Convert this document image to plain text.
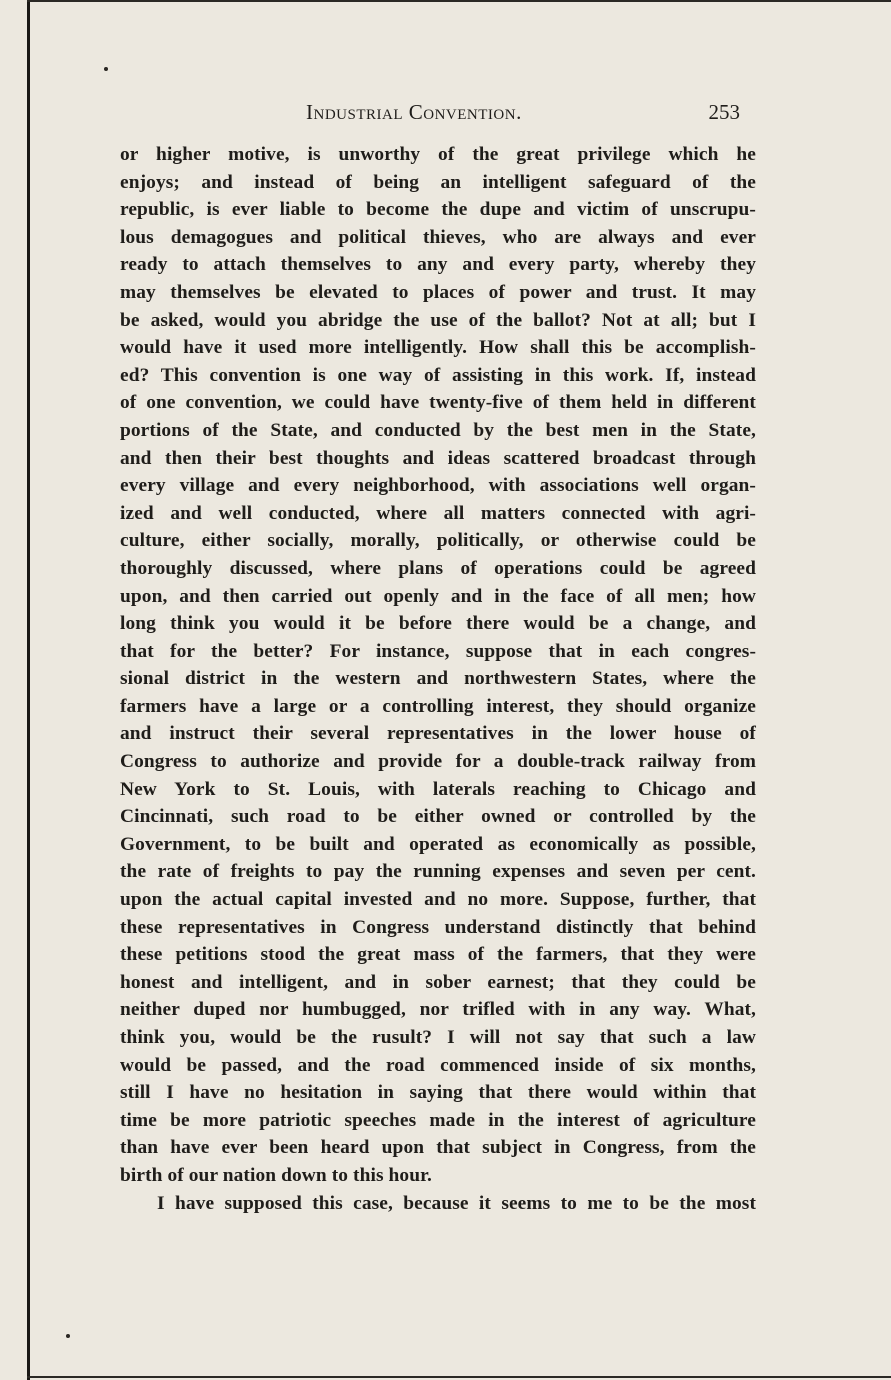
Industrial Convention.	253
or higher motive, is unworthy of the great privilege which he
enjoys; and instead of being an intelligent safeguard of the
republic, is ever liable to become the dupe and victim of unscrupu-
lous demagogues and political thieves, who are always and ever
ready to attach themselves to any and every party, whereby they
may themselves be elevated to places of power and trust. It may
be asked, would you abridge the use of the ballot? Not at all; but I
would have it used more intelligently. How shall this be accomplish-
ed? This convention is one way of assisting in this work. If, instead
of one convention, we could have twenty-five of them held in different
portions of the State, and conducted by the best men in the State,
and then their best thoughts and ideas scattered broadcast through
every village and every neighborhood, with associations well organ-
ized and well conducted, where all matters connected with agri-
culture, either socially, morally, politically, or otherwise could be
thoroughly discussed, where plans of operations could be agreed
upon, and then carried out openly and in the face of all men; how
long think you would it be before there would be a change, and
that for the better? For instance, suppose that in each congres-
sional district in the western and northwestern States, where the
farmers have a large or a controlling interest, they should organize
and instruct their several representatives in the lower house of
Congress to authorize and provide for a double-track railway from
New York to St. Louis, with laterals reaching to Chicago and
Cincinnati, such road to be either owned or controlled by the
Government, to be built and operated as economically as possible,
the rate of freights to pay the running expenses and seven per cent.
upon the actual capital invested and no more. Suppose, further, that
these representatives in Congress understand distinctly that behind
these petitions stood the great mass of the farmers, that they were
honest and intelligent, and in sober earnest; that they could be
neither duped nor humbugged, nor trifled with in any way. What,
think you, would be the rusult? I will not say that such a law
would be passed, and the road commenced inside of six months,
still I have no hesitation in saying that there would within that
time be more patriotic speeches made in the interest of agriculture
than have ever been heard upon that subject in Congress, from the
birth of our nation down to this hour.
I have supposed this case, because it seems to me to be the most
